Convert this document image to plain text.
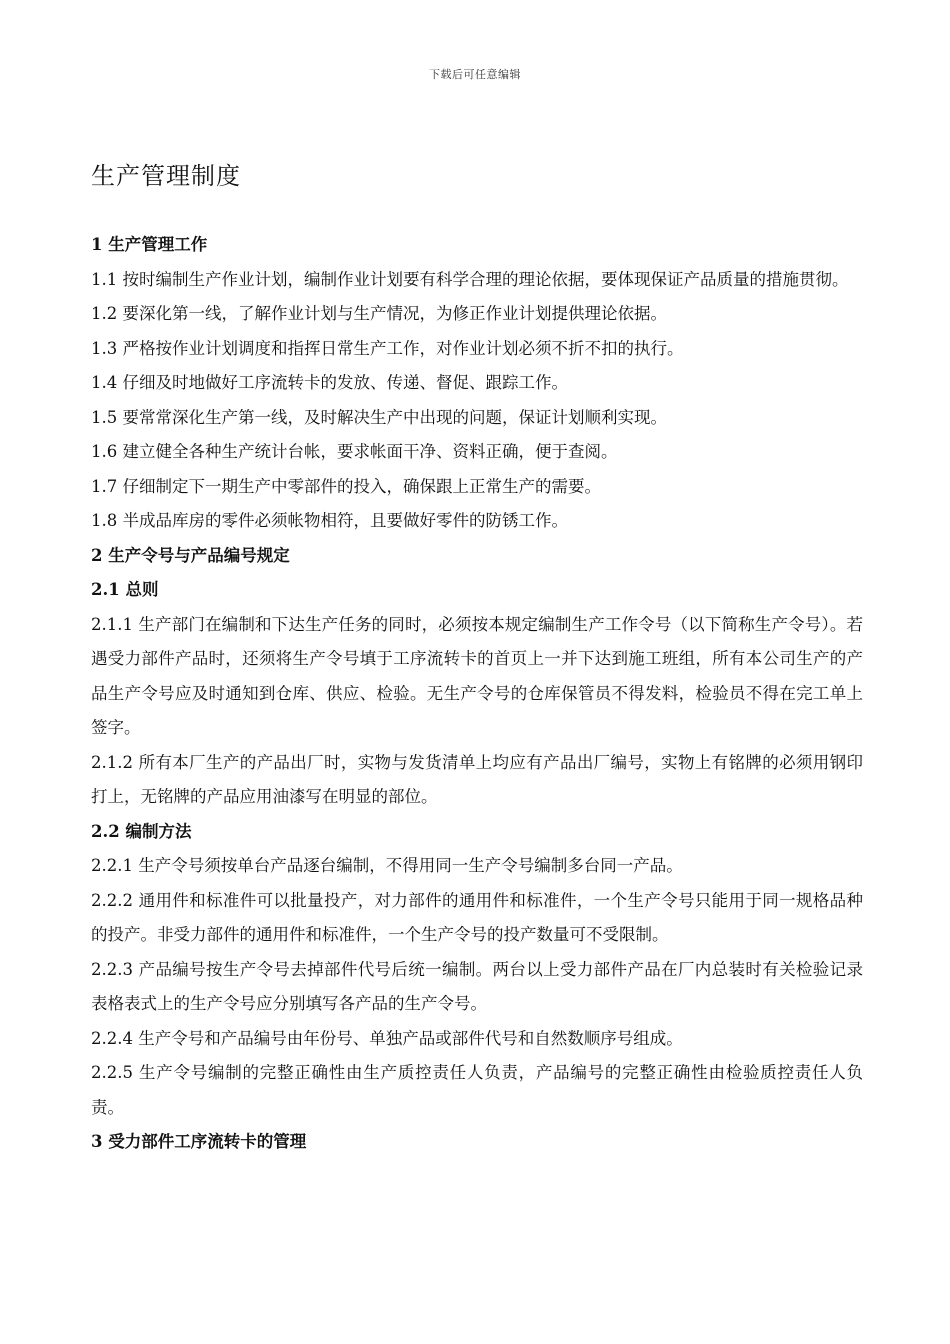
下载后可任意编辑
生产管理制度

1 生产管理工作

1.1 按时编制生产作业计划，编制作业计划要有科学合理的理论依据，要体现保证产品质量的措施贯彻。

1.2 要深化第一线，了解作业计划与生产情况，为修正作业计划提供理论依据。

1.3 严格按作业计划调度和指挥日常生产工作，对作业计划必须不折不扣的执行。

1.4 仔细及时地做好工序流转卡的发放、传递、督促、跟踪工作。

1.5 要常常深化生产第一线，及时解决生产中出现的问题，保证计划顺利实现。

1.6 建立健全各种生产统计台帐，要求帐面干净、资料正确，便于查阅。

1.7 仔细制定下一期生产中零部件的投入，确保跟上正常生产的需要。

1.8 半成品库房的零件必须帐物相符，且要做好零件的防锈工作。

2 生产令号与产品编号规定

2.1 总则

2.1.1 生产部门在编制和下达生产任务的同时，必须按本规定编制生产工作令号（以下简称生产令号）。若遇受力部件产品时，还须将生产令号填于工序流转卡的首页上一并下达到施工班组，所有本公司生产的产品生产令号应及时通知到仓库、供应、检验。无生产令号的仓库保管员不得发料，检验员不得在完工单上签字。

2.1.2 所有本厂生产的产品出厂时，实物与发货清单上均应有产品出厂编号，实物上有铭牌的必须用钢印打上，无铭牌的产品应用油漆写在明显的部位。

2.2 编制方法

2.2.1 生产令号须按单台产品逐台编制，不得用同一生产令号编制多台同一产品。

2.2.2 通用件和标准件可以批量投产，对力部件的通用件和标准件，一个生产令号只能用于同一规格品种的投产。非受力部件的通用件和标准件，一个生产令号的投产数量可不受限制。

2.2.3 产品编号按生产令号去掉部件代号后统一编制。两台以上受力部件产品在厂内总装时有关检验记录表格表式上的生产令号应分别填写各产品的生产令号。

2.2.4 生产令号和产品编号由年份号、单独产品或部件代号和自然数顺序号组成。

2.2.5 生产令号编制的完整正确性由生产质控责任人负责，产品编号的完整正确性由检验质控责任人负责。

3 受力部件工序流转卡的管理
